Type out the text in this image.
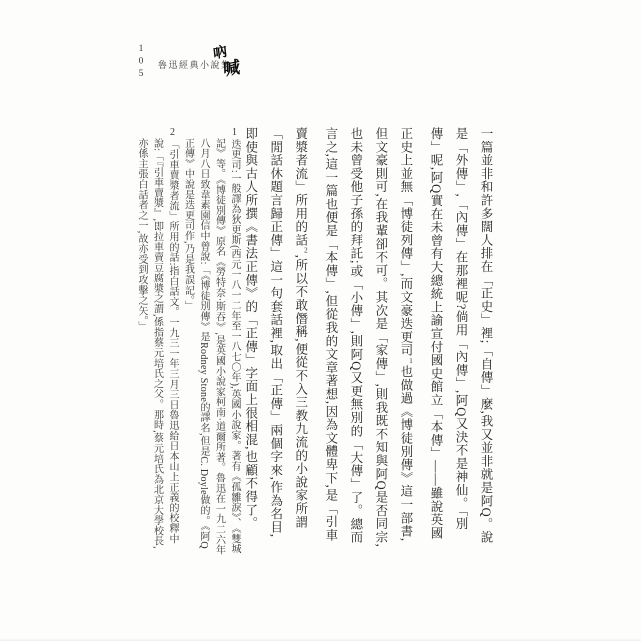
105 魯迅經典小說集
吶
喊

一篇並非和許多闊人排在「正史」裡;「自傳」麼,我又並非就是阿Q。說是「外傳」,「內傳」在那裡呢?倘用「內傳」,阿Q又決不是神仙。「別傳」呢,阿Q實在未曾有大總統上諭宣付國史館立「本傳」——雖說英國正史上並無「博徒列傳」,而文豪迭更司$^1$也做過《博徒別傳》這一部書,但文豪則可,在我輩卻不可。其次是「家傳」,則我既不知與阿Q是否同宗,也未曾受他子孫的拜託;或「小傳」,則阿Q又更無別的「大傳」了。總而言之,這一篇也便是「本傳」,但從我的文章著想,因為文體卑下,是「引車賣漿者流」所用的話$^2$,所以不敢僭稱,便從不入三教九流的小說家所謂「閒話休題言歸正傳」這一句套話裡,取出「正傳」兩個字來,作為名目,即使與古人所撰《書法正傳》的「正傳」字面上很相混,也顧不得了。

1迭更司:一般譯為狄更斯(西元一八一二年至一八七〇年),英國小說家。著有《孤雛淚》、《雙城記》等。《博徒別傳》原名《勞特奈·斯吞》,是英國小說家柯南·道爾所著。魯迅在一九二六年八月八日致韋素園信中曾說:「《博徒別傳》是Rodney Stone的譯名,但是C. Doyle做的。《阿Q正傳》中說是迭更司作,乃是我誤記。」

2「引車賣漿者流」所用的話:指白話文。一九三一年三月三日魯迅給日本山上正義的校釋中說:「『引車賣漿』,即拉車賣豆腐漿之謂,係指蔡元培氏之父。那時,蔡元培氏為北京大學校長,亦係主張白話者之一,故亦受到攻擊之矢。」
